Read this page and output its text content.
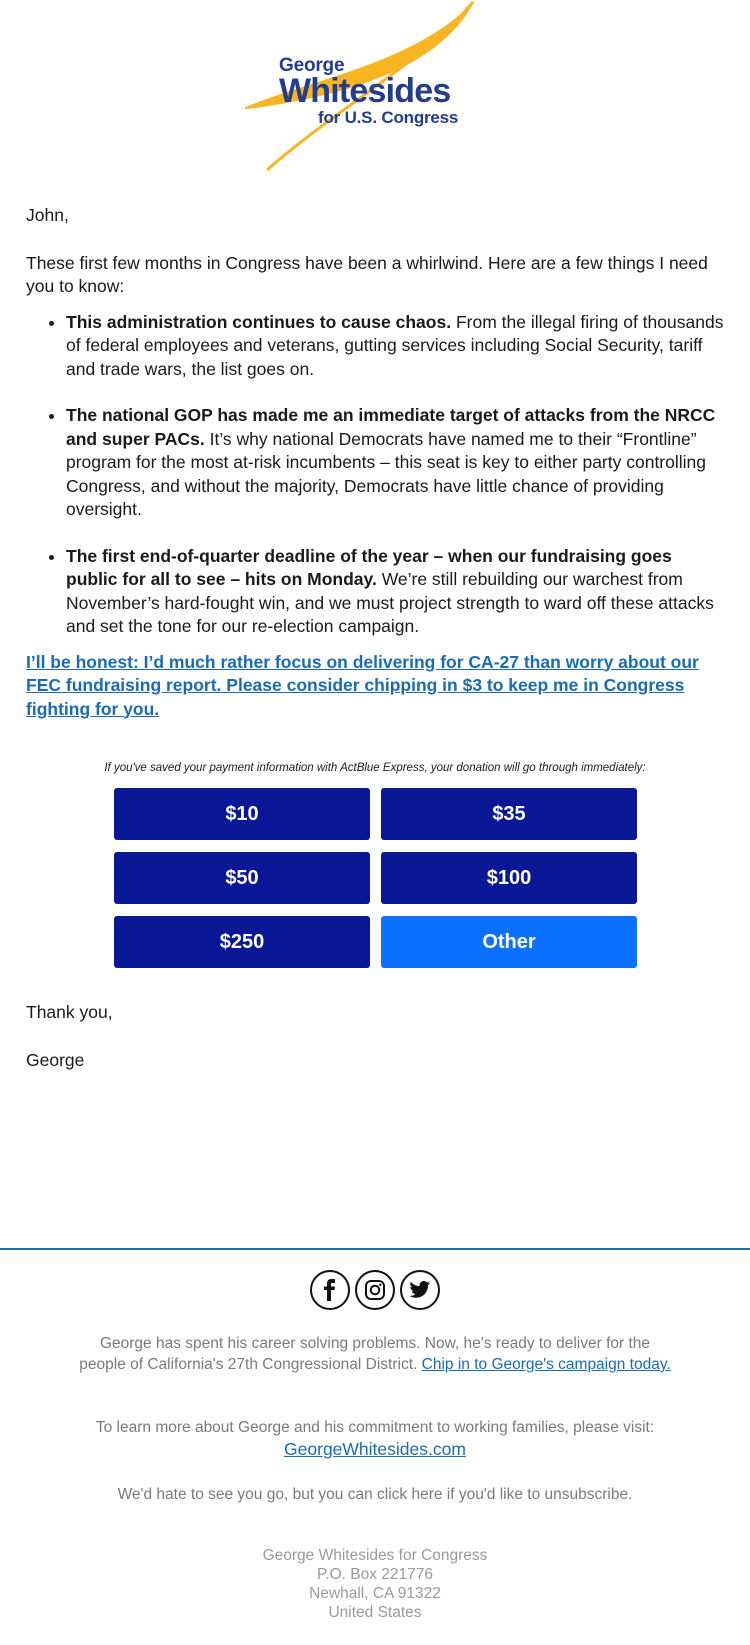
George
Whitesides
for U.S. Congress

John,

These first few months in Congress have been a whirlwind. Here are a few things I need you to know:

• This administration continues to cause chaos. From the illegal firing of thousands of federal employees and veterans, gutting services including Social Security, tariff and trade wars, the list goes on.
• The national GOP has made me an immediate target of attacks from the NRCC and super PACs. It’s why national Democrats have named me to their “Frontline” program for the most at-risk incumbents – this seat is key to either party controlling Congress, and without the majority, Democrats have little chance of providing oversight.
• The first end-of-quarter deadline of the year – when our fundraising goes public for all to see – hits on Monday. We’re still rebuilding our warchest from November’s hard-fought win, and we must project strength to ward off these attacks and set the tone for our re-election campaign.
I’ll be honest: I’d much rather focus on delivering for CA-27 than worry about our FEC fundraising report. Please consider chipping in $3 to keep me in Congress fighting for you.
If you've saved your payment information with ActBlue Express, your donation will go through immediately:
$10	$35
$50	$100
$250	Other

Thank you,

George

George has spent his career solving problems. Now, he's ready to deliver for the people of California's 27th Congressional District. Chip in to George's campaign today.
To learn more about George and his commitment to working families, please visit:
GeorgeWhitesides.com
We'd hate to see you go, but you can click here if you'd like to unsubscribe.
George Whitesides for Congress
P.O. Box 221776
Newhall, CA 91322
United States
